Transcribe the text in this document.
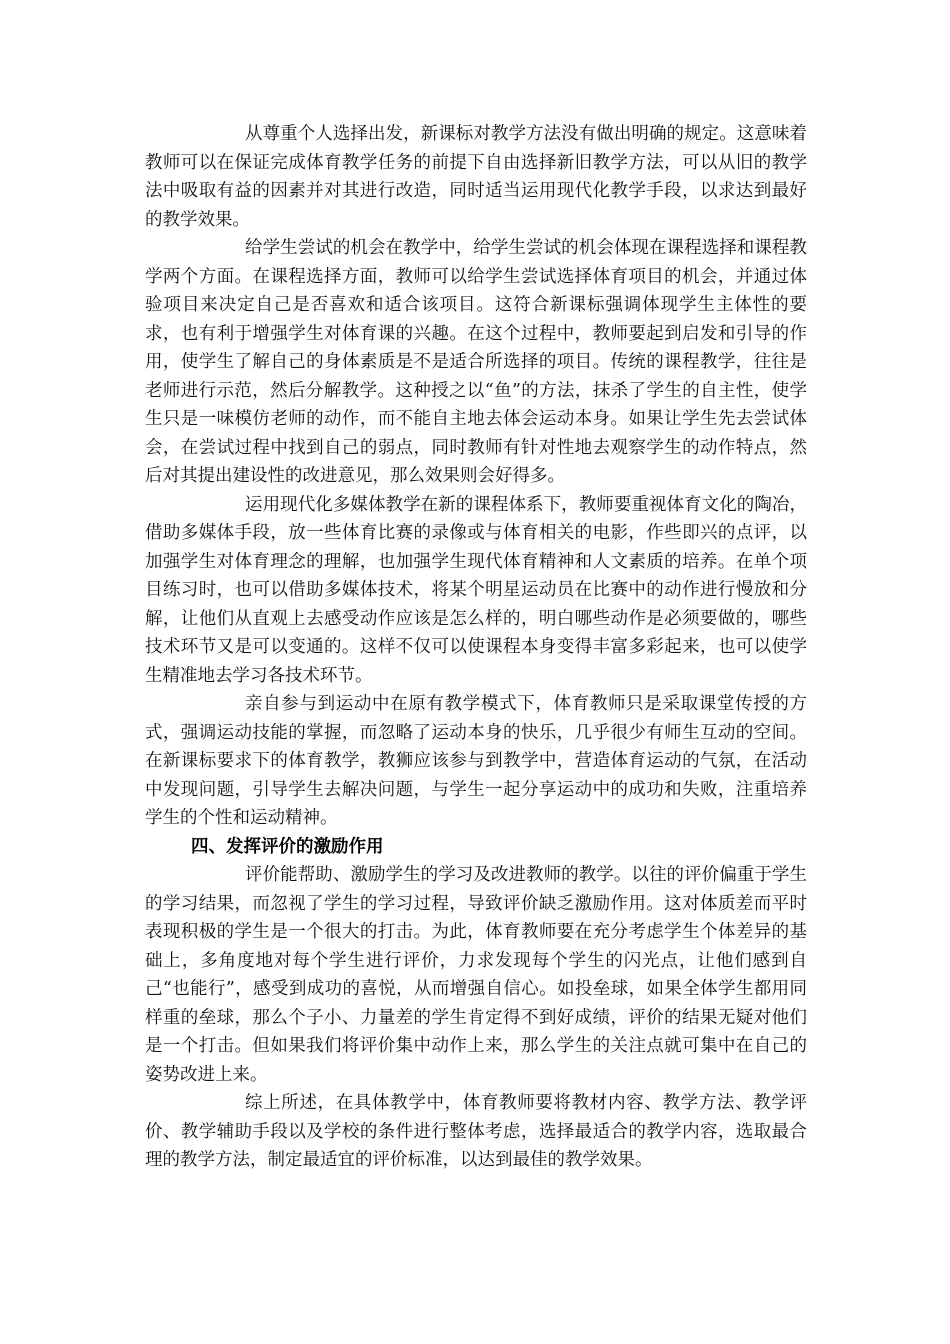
从尊重个人选择出发，新课标对教学方法没有做出明确的规定。这意味着教师可以在保证完成体育教学任务的前提下自由选择新旧教学方法，可以从旧的教学法中吸取有益的因素并对其进行改造，同时适当运用现代化教学手段，以求达到最好的教学效果。

给学生尝试的机会在教学中，给学生尝试的机会体现在课程选择和课程教学两个方面。在课程选择方面，教师可以给学生尝试选择体育项目的机会，并通过体验项目来决定自己是否喜欢和适合该项目。这符合新课标强调体现学生主体性的要求，也有利于增强学生对体育课的兴趣。在这个过程中，教师要起到启发和引导的作用，使学生了解自己的身体素质是不是适合所选择的项目。传统的课程教学，往往是老师进行示范，然后分解教学。这种授之以“鱼”的方法，抹杀了学生的自主性，使学生只是一味模仿老师的动作，而不能自主地去体会运动本身。如果让学生先去尝试体会，在尝试过程中找到自己的弱点，同时教师有针对性地去观察学生的动作特点，然后对其提出建设性的改进意见，那么效果则会好得多。

运用现代化多媒体教学在新的课程体系下，教师要重视体育文化的陶冶，借助多媒体手段，放一些体育比赛的录像或与体育相关的电影，作些即兴的点评，以加强学生对体育理念的理解，也加强学生现代体育精神和人文素质的培养。在单个项目练习时，也可以借助多媒体技术，将某个明星运动员在比赛中的动作进行慢放和分解，让他们从直观上去感受动作应该是怎么样的，明白哪些动作是必须要做的，哪些技术环节又是可以变通的。这样不仅可以使课程本身变得丰富多彩起来，也可以使学生精准地去学习各技术环节。

亲自参与到运动中在原有教学模式下，体育教师只是采取课堂传授的方式，强调运动技能的掌握，而忽略了运动本身的快乐，几乎很少有师生互动的空间。在新课标要求下的体育教学，教狮应该参与到教学中，营造体育运动的气氛，在活动中发现问题，引导学生去解决问题，与学生一起分享运动中的成功和失败，注重培养学生的个性和运动精神。

四、发挥评价的激励作用

评价能帮助、激励学生的学习及改进教师的教学。以往的评价偏重于学生的学习结果，而忽视了学生的学习过程，导致评价缺乏激励作用。这对体质差而平时表现积极的学生是一个很大的打击。为此，体育教师要在充分考虑学生个体差异的基础上，多角度地对每个学生进行评价，力求发现每个学生的闪光点，让他们感到自己“也能行”，感受到成功的喜悦，从而增强自信心。如投垒球，如果全体学生都用同样重的垒球，那么个子小、力量差的学生肯定得不到好成绩，评价的结果无疑对他们是一个打击。但如果我们将评价集中动作上来，那么学生的关注点就可集中在自己的姿势改进上来。

综上所述，在具体教学中，体育教师要将教材内容、教学方法、教学评价、教学辅助手段以及学校的条件进行整体考虑，选择最适合的教学内容，选取最合理的教学方法，制定最适宜的评价标准，以达到最佳的教学效果。
